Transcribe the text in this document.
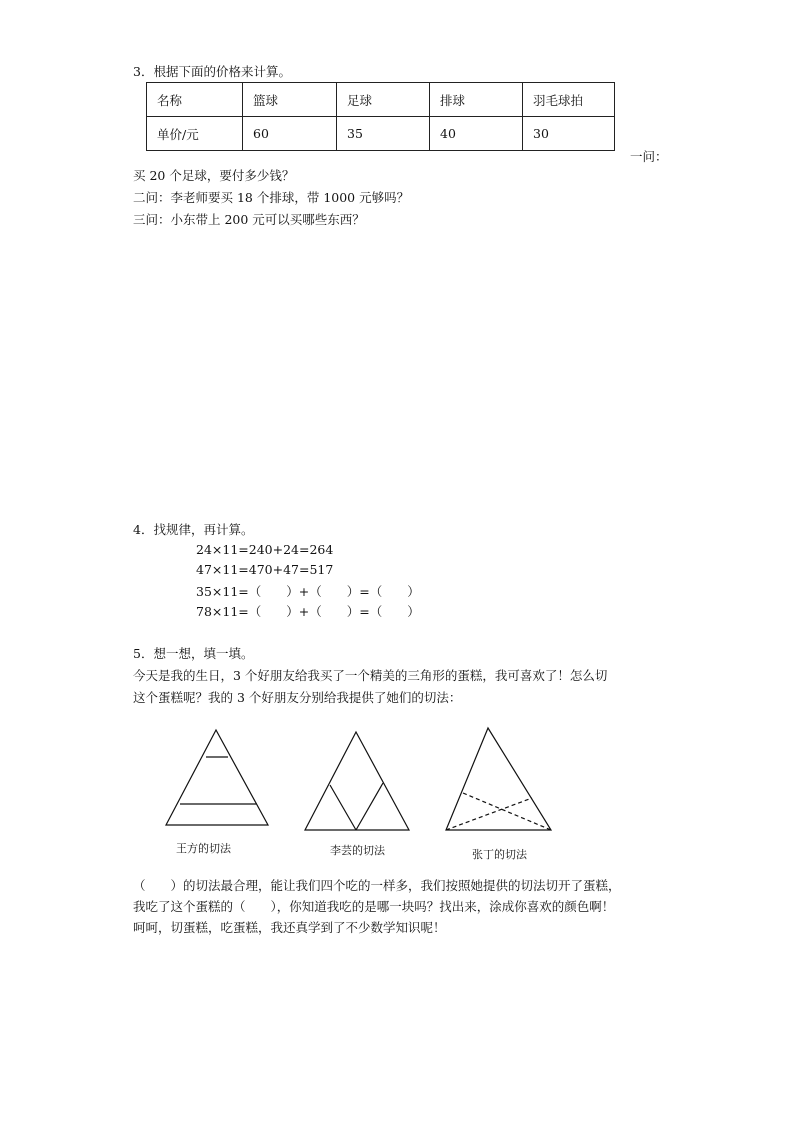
3．根据下面的价格来计算。
名称	篮球	足球	排球	羽毛球拍
单价/元	60	35	40	30
一问：
买 20 个足球，要付多少钱？
二问：李老师要买 18 个排球，带 1000 元够吗？
三问：小东带上 200 元可以买哪些东西？
4．找规律，再计算。
24×11=240+24=264
47×11=470+47=517
35×11=（　　）+（　　）=（　　）
78×11=（　　）+（　　）=（　　）
5．想一想，填一填。
今天是我的生日，3 个好朋友给我买了一个精美的三角形的蛋糕，我可喜欢了！怎么切
这个蛋糕呢？我的 3 个好朋友分别给我提供了她们的切法：
王方的切法	李芸的切法	张丁的切法
（　　）的切法最合理，能让我们四个吃的一样多，我们按照她提供的切法切开了蛋糕，
我吃了这个蛋糕的（　　），你知道我吃的是哪一块吗？找出来，涂成你喜欢的颜色啊！
呵呵，切蛋糕，吃蛋糕，我还真学到了不少数学知识呢！
